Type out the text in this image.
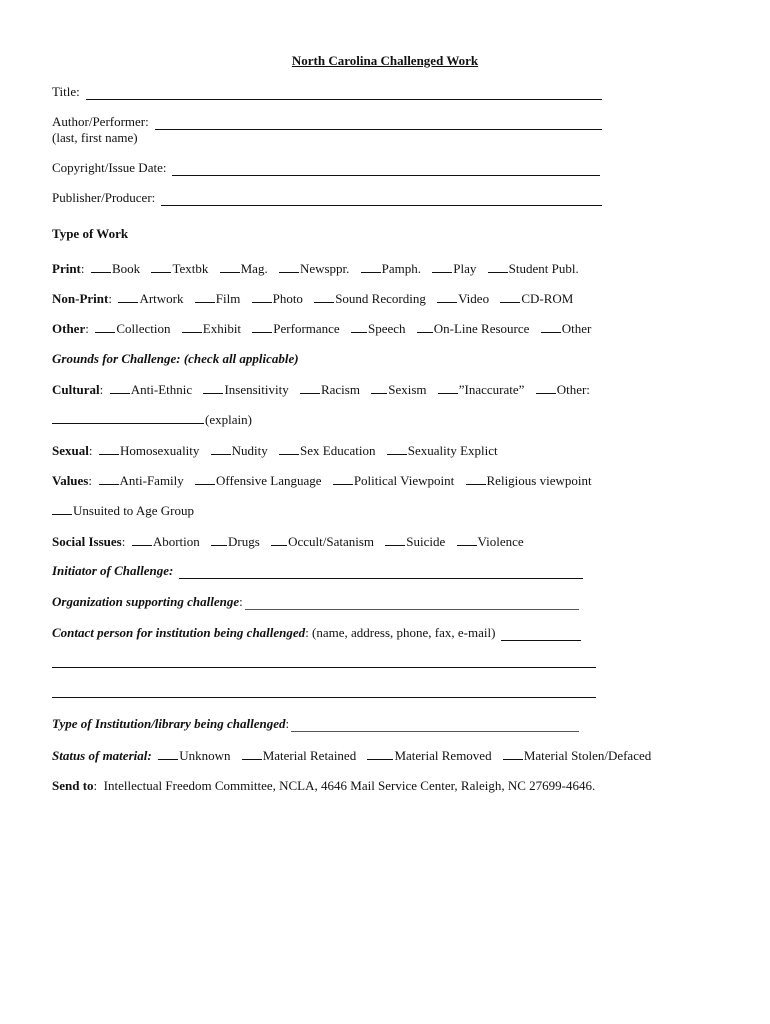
North Carolina Challenged Work
Title:
Author/Performer:
(last, first name)
Copyright/Issue Date:
Publisher/Producer:
Type of Work
Print:  Book Textbk Mag. Newsppr. Pamph. Play Student Publ.
Non-Print:  Artwork Film Photo Sound Recording Video CD-ROM
Other:  Collection Exhibit Performance Speech On-Line Resource Other
Grounds for Challenge: (check all applicable)
Cultural:  Anti-Ethnic Insensitivity Racism Sexism ”Inaccurate” Other:
(explain)
Sexual:  Homosexuality Nudity Sex Education Sexuality Explict
Values:  Anti-Family Offensive Language Political Viewpoint Religious viewpoint
Unsuited to Age Group
Social Issues:  Abortion Drugs Occult/Satanism Suicide Violence
Initiator of Challenge:
Organization supporting challenge :
Contact person for institution being challenged : (name, address, phone, fax, e-mail)
Type of Institution/library being challenged :
Status of material: Unknown Material Retained	Material Removed Material Stolen/Defaced
Send to:  Intellectual Freedom Committee, NCLA, 4646 Mail Service Center, Raleigh, NC 27699-4646.
